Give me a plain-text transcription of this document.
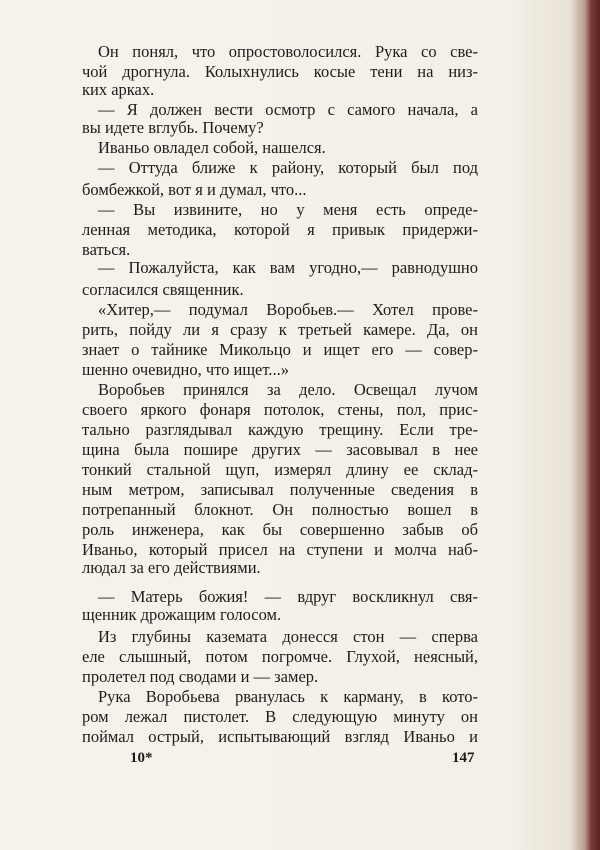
Он понял, что опростоволосился. Рука со све-
чой дрогнула. Колыхнулись косые тени на низ-
ких арках.
— Я должен вести осмотр с самого начала, а
вы идете вглубь. Почему?
Иваньо овладел собой, нашелся.
— Оттуда ближе к району, который был под
бомбежкой, вот я и думал, что...
— Вы извините, но у меня есть опреде-
ленная методика, которой я привык придержи-
ваться.
— Пожалуйста, как вам угодно,— равнодушно
согласился священник.
«Хитер,— подумал Воробьев.— Хотел прове-
рить, пойду ли я сразу к третьей камере. Да, он
знает о тайнике Микольцо и ищет его — совер-
шенно очевидно, что ищет...»
Воробьев принялся за дело. Освещал лучом
своего яркого фонаря потолок, стены, пол, прис-
тально разглядывал каждую трещину. Если тре-
щина была пошире других — засовывал в нее
тонкий стальной щуп, измерял длину ее склад-
ным метром, записывал полученные сведения в
потрепанный блокнот. Он полностью вошел в
роль инженера, как бы совершенно забыв об
Иваньо, который присел на ступени и молча наб-
людал за его действиями.
— Матерь божия! — вдруг воскликнул свя-
щенник дрожащим голосом.
Из глубины каземата донесся стон — сперва
еле слышный, потом погромче. Глухой, неясный,
пролетел под сводами и — замер.
Рука Воробьева рванулась к карману, в кото-
ром лежал пистолет. В следующую минуту он
поймал острый, испытывающий взгляд Иваньо и
10*	147
